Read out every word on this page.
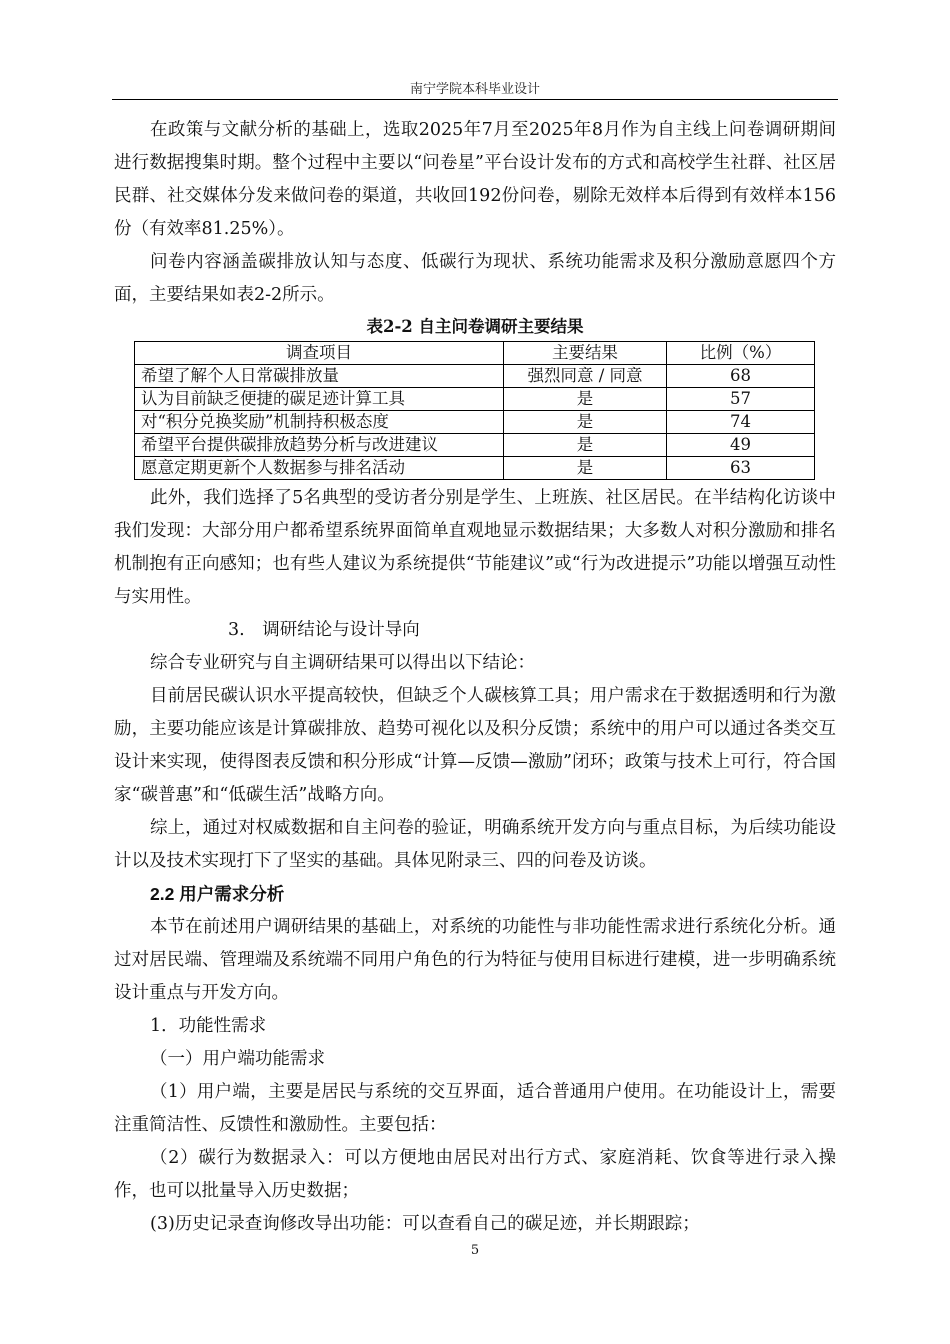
南宁学院本科毕业设计

在政策与文献分析的基础上，选取2025年7月至2025年8月作为自主线上问卷调研期间进行数据搜集时期。整个过程中主要以“问卷星”平台设计发布的方式和高校学生社群、社区居民群、社交媒体分发来做问卷的渠道，共收回192份问卷，剔除无效样本后得到有效样本156份（有效率81.25%）。

问卷内容涵盖碳排放认知与态度、低碳行为现状、系统功能需求及积分激励意愿四个方面，主要结果如表2-2所示。

表2-2 自主问卷调研主要结果
调查项目	主要结果	比例（%）
希望了解个人日常碳排放量	强烈同意 / 同意	68
认为目前缺乏便捷的碳足迹计算工具	是	57
对“积分兑换奖励”机制持积极态度	是	74
希望平台提供碳排放趋势分析与改进建议	是	49
愿意定期更新个人数据参与排名活动	是	63

此外，我们选择了5名典型的受访者分别是学生、上班族、社区居民。在半结构化访谈中我们发现：大部分用户都希望系统界面简单直观地显示数据结果；大多数人对积分激励和排名机制抱有正向感知；也有些人建议为系统提供“节能建议”或“行为改进提示”功能以增强互动性与实用性。

3.　调研结论与设计导向

综合专业研究与自主调研结果可以得出以下结论：

目前居民碳认识水平提高较快，但缺乏个人碳核算工具；用户需求在于数据透明和行为激励，主要功能应该是计算碳排放、趋势可视化以及积分反馈；系统中的用户可以通过各类交互设计来实现，使得图表反馈和积分形成“计算—反馈—激励”闭环；政策与技术上可行，符合国家“碳普惠”和“低碳生活”战略方向。

综上，通过对权威数据和自主问卷的验证，明确系统开发方向与重点目标，为后续功能设计以及技术实现打下了坚实的基础。具体见附录三、四的问卷及访谈。

2.2 用户需求分析

本节在前述用户调研结果的基础上，对系统的功能性与非功能性需求进行系统化分析。通过对居民端、管理端及系统端不同用户角色的行为特征与使用目标进行建模，进一步明确系统设计重点与开发方向。

1．功能性需求

（一）用户端功能需求

（1）用户端，主要是居民与系统的交互界面，适合普通用户使用。在功能设计上，需要注重简洁性、反馈性和激励性。主要包括：

（2）碳行为数据录入：可以方便地由居民对出行方式、家庭消耗、饮食等进行录入操作，也可以批量导入历史数据；

(3)历史记录查询修改导出功能：可以查看自己的碳足迹，并长期跟踪；

5
